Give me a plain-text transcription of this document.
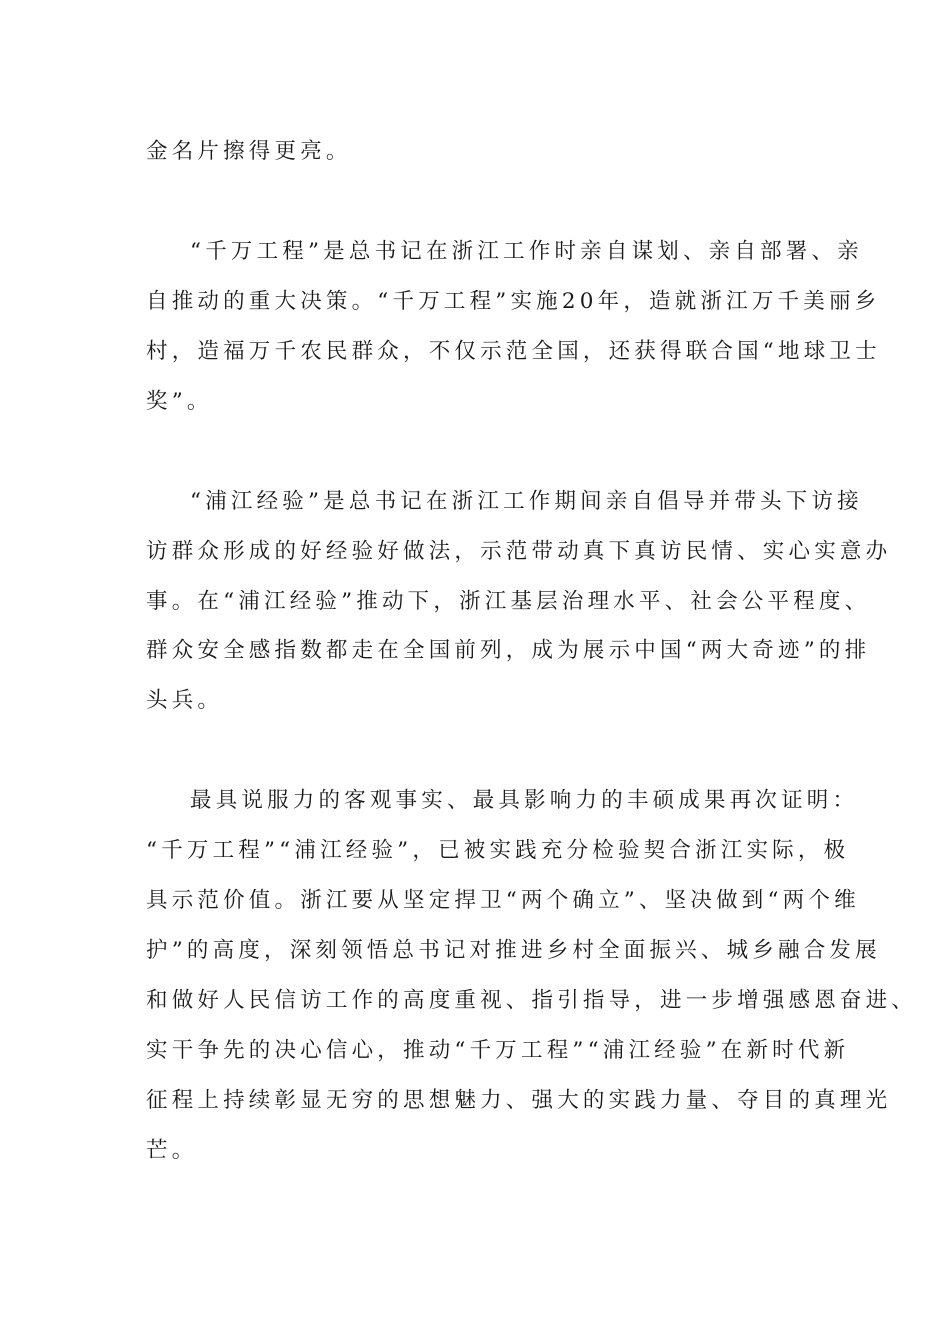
金名片擦得更亮。
“千万工程”是总书记在浙江工作时亲自谋划、亲自部署、亲
自推动的重大决策。“千万工程”实施20年，造就浙江万千美丽乡
村，造福万千农民群众，不仅示范全国，还获得联合国“地球卫士
奖”。
“浦江经验”是总书记在浙江工作期间亲自倡导并带头下访接
访群众形成的好经验好做法，示范带动真下真访民情、实心实意办
事。在“浦江经验”推动下，浙江基层治理水平、社会公平程度、
群众安全感指数都走在全国前列，成为展示中国“两大奇迹”的排
头兵。
最具说服力的客观事实、最具影响力的丰硕成果再次证明：
“千万工程”“浦江经验”，已被实践充分检验契合浙江实际，极
具示范价值。浙江要从坚定捍卫“两个确立”、坚决做到“两个维
护”的高度，深刻领悟总书记对推进乡村全面振兴、城乡融合发展
和做好人民信访工作的高度重视、指引指导，进一步增强感恩奋进、
实干争先的决心信心，推动“千万工程”“浦江经验”在新时代新
征程上持续彰显无穷的思想魅力、强大的实践力量、夺目的真理光
芒。
